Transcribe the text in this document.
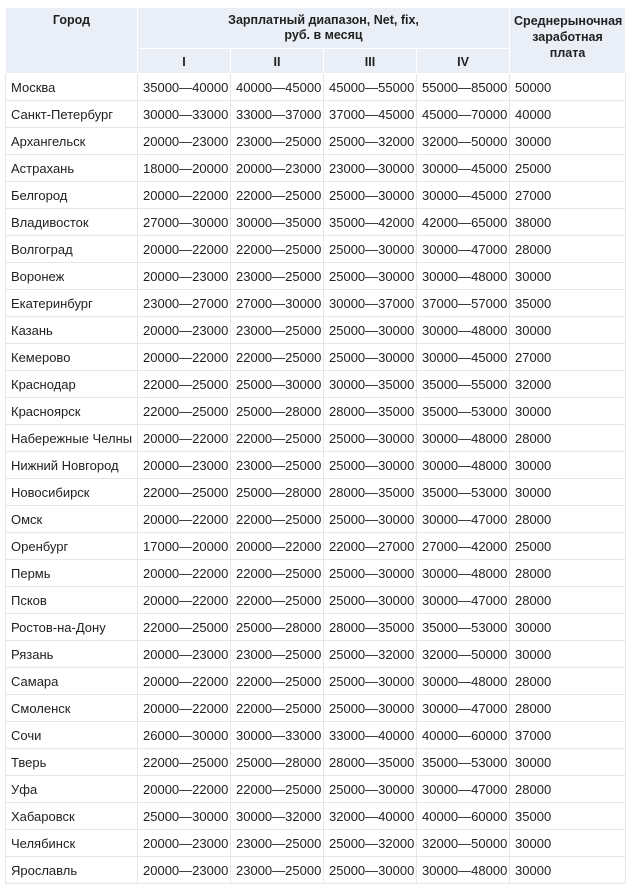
Город	Зарплатный диапазон, Net, fix,
руб. в месяц				Среднерыночная заработная плата
	I	II	III	IV	
Москва	35000—40000	40000—45000	45000—55000	55000—85000	50000
Санкт-Петербург	30000—33000	33000—37000	37000—45000	45000—70000	40000
Архангельск	20000—23000	23000—25000	25000—32000	32000—50000	30000
Астрахань	18000—20000	20000—23000	23000—30000	30000—45000	25000
Белгород	20000—22000	22000—25000	25000—30000	30000—45000	27000
Владивосток	27000—30000	30000—35000	35000—42000	42000—65000	38000
Волгоград	20000—22000	22000—25000	25000—30000	30000—47000	28000
Воронеж	20000—23000	23000—25000	25000—30000	30000—48000	30000
Екатеринбург	23000—27000	27000—30000	30000—37000	37000—57000	35000
Казань	20000—23000	23000—25000	25000—30000	30000—48000	30000
Кемерово	20000—22000	22000—25000	25000—30000	30000—45000	27000
Краснодар	22000—25000	25000—30000	30000—35000	35000—55000	32000
Красноярск	22000—25000	25000—28000	28000—35000	35000—53000	30000
Набережные Челны	20000—22000	22000—25000	25000—30000	30000—48000	28000
Нижний Новгород	20000—23000	23000—25000	25000—30000	30000—48000	30000
Новосибирск	22000—25000	25000—28000	28000—35000	35000—53000	30000
Омск	20000—22000	22000—25000	25000—30000	30000—47000	28000
Оренбург	17000—20000	20000—22000	22000—27000	27000—42000	25000
Пермь	20000—22000	22000—25000	25000—30000	30000—48000	28000
Псков	20000—22000	22000—25000	25000—30000	30000—47000	28000
Ростов-на-Дону	22000—25000	25000—28000	28000—35000	35000—53000	30000
Рязань	20000—23000	23000—25000	25000—32000	32000—50000	30000
Самара	20000—22000	22000—25000	25000—30000	30000—48000	28000
Смоленск	20000—22000	22000—25000	25000—30000	30000—47000	28000
Сочи	26000—30000	30000—33000	33000—40000	40000—60000	37000
Тверь	22000—25000	25000—28000	28000—35000	35000—53000	30000
Уфа	20000—22000	22000—25000	25000—30000	30000—47000	28000
Хабаровск	25000—30000	30000—32000	32000—40000	40000—60000	35000
Челябинск	20000—23000	23000—25000	25000—32000	32000—50000	30000
Ярославль	20000—23000	23000—25000	25000—30000	30000—48000	30000
